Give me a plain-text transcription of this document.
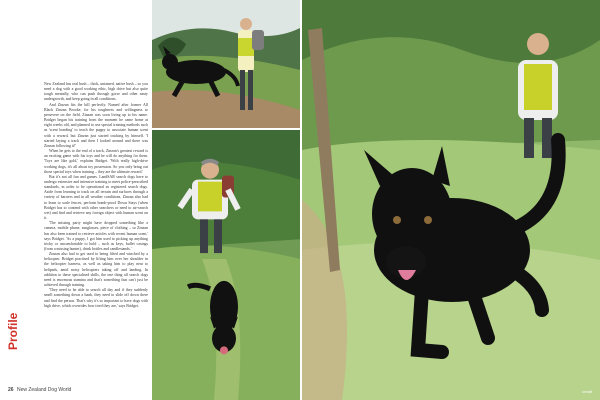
New Zealand has real bush – thick, untamed, native bush – so you need a dog with a good working ethic, high drive but also quite tough mentally, who can push through gorse and other nasty undergrowth, and keep going in all conditions.

And Zinzan fits the bill perfectly. Named after former All Black Zinzan Brooke, for his toughness and willingness to persevere on the field, Zinzan was soon living up to his name. Bridget began his training from the moment he came home at eight weeks old, and planned to use special training methods such as 'scent bonding' to teach the puppy to associate human scent with a reward, but Zinzan just started tracking by himself. 'I started laying a track and then I looked around and there was Zinzan following it!'

When he gets to the end of a track, Zinzan's greatest reward is an exciting game with his toys and he will do anything for them. 'Toys are like gold,' explains Bridget. 'With really high-drive working dogs, it's all about toy possession. So you only bring out those special toys when training – they are the ultimate reward.'

But it's not all fun and games. LandSAR search dogs have to undergo extensive and intensive training to meet police-prescribed standards, in order to be operational as registered search dogs. Aside from learning to track on all terrain and surfaces through a variety of barriers and in all weather conditions, Zinzan also had to learn to scale fences, perform bomb-proof Down Stays (when Bridget has to contend with other searchers or need to air-search wet) and find and retrieve any foreign object with human scent on it.

'The missing party might have dropped something like a camera, mobile phone, sunglasses, piece of clothing – so Zinzan has also been trained to retrieve articles with recent human scent,' says Bridget. 'As a puppy, I got him used to picking up anything tricky or uncomfortable to hold – such as keys, bullet casings (from a missing hunter), drink bottles and candlestands.'

Zinzan also had to get used to being lifted and winched by a helicopter. Bridget practised by lifting him over her shoulder in the helicopter harness, as well as taking him to play near to helipads, amid noisy helicopters taking off and landing. In addition to these specialised skills, the one thing all search dogs need is enormous stamina and that's something that can't just be achieved through training.

'They need to be able to search all day and if they suddenly smell something down a bank, they need to slide off down there and find the person. That's why it's so important to have dogs with high drive, which overrides how tired they are,' says Bridget.

Profile
26 New Zealand Dog World	credit
